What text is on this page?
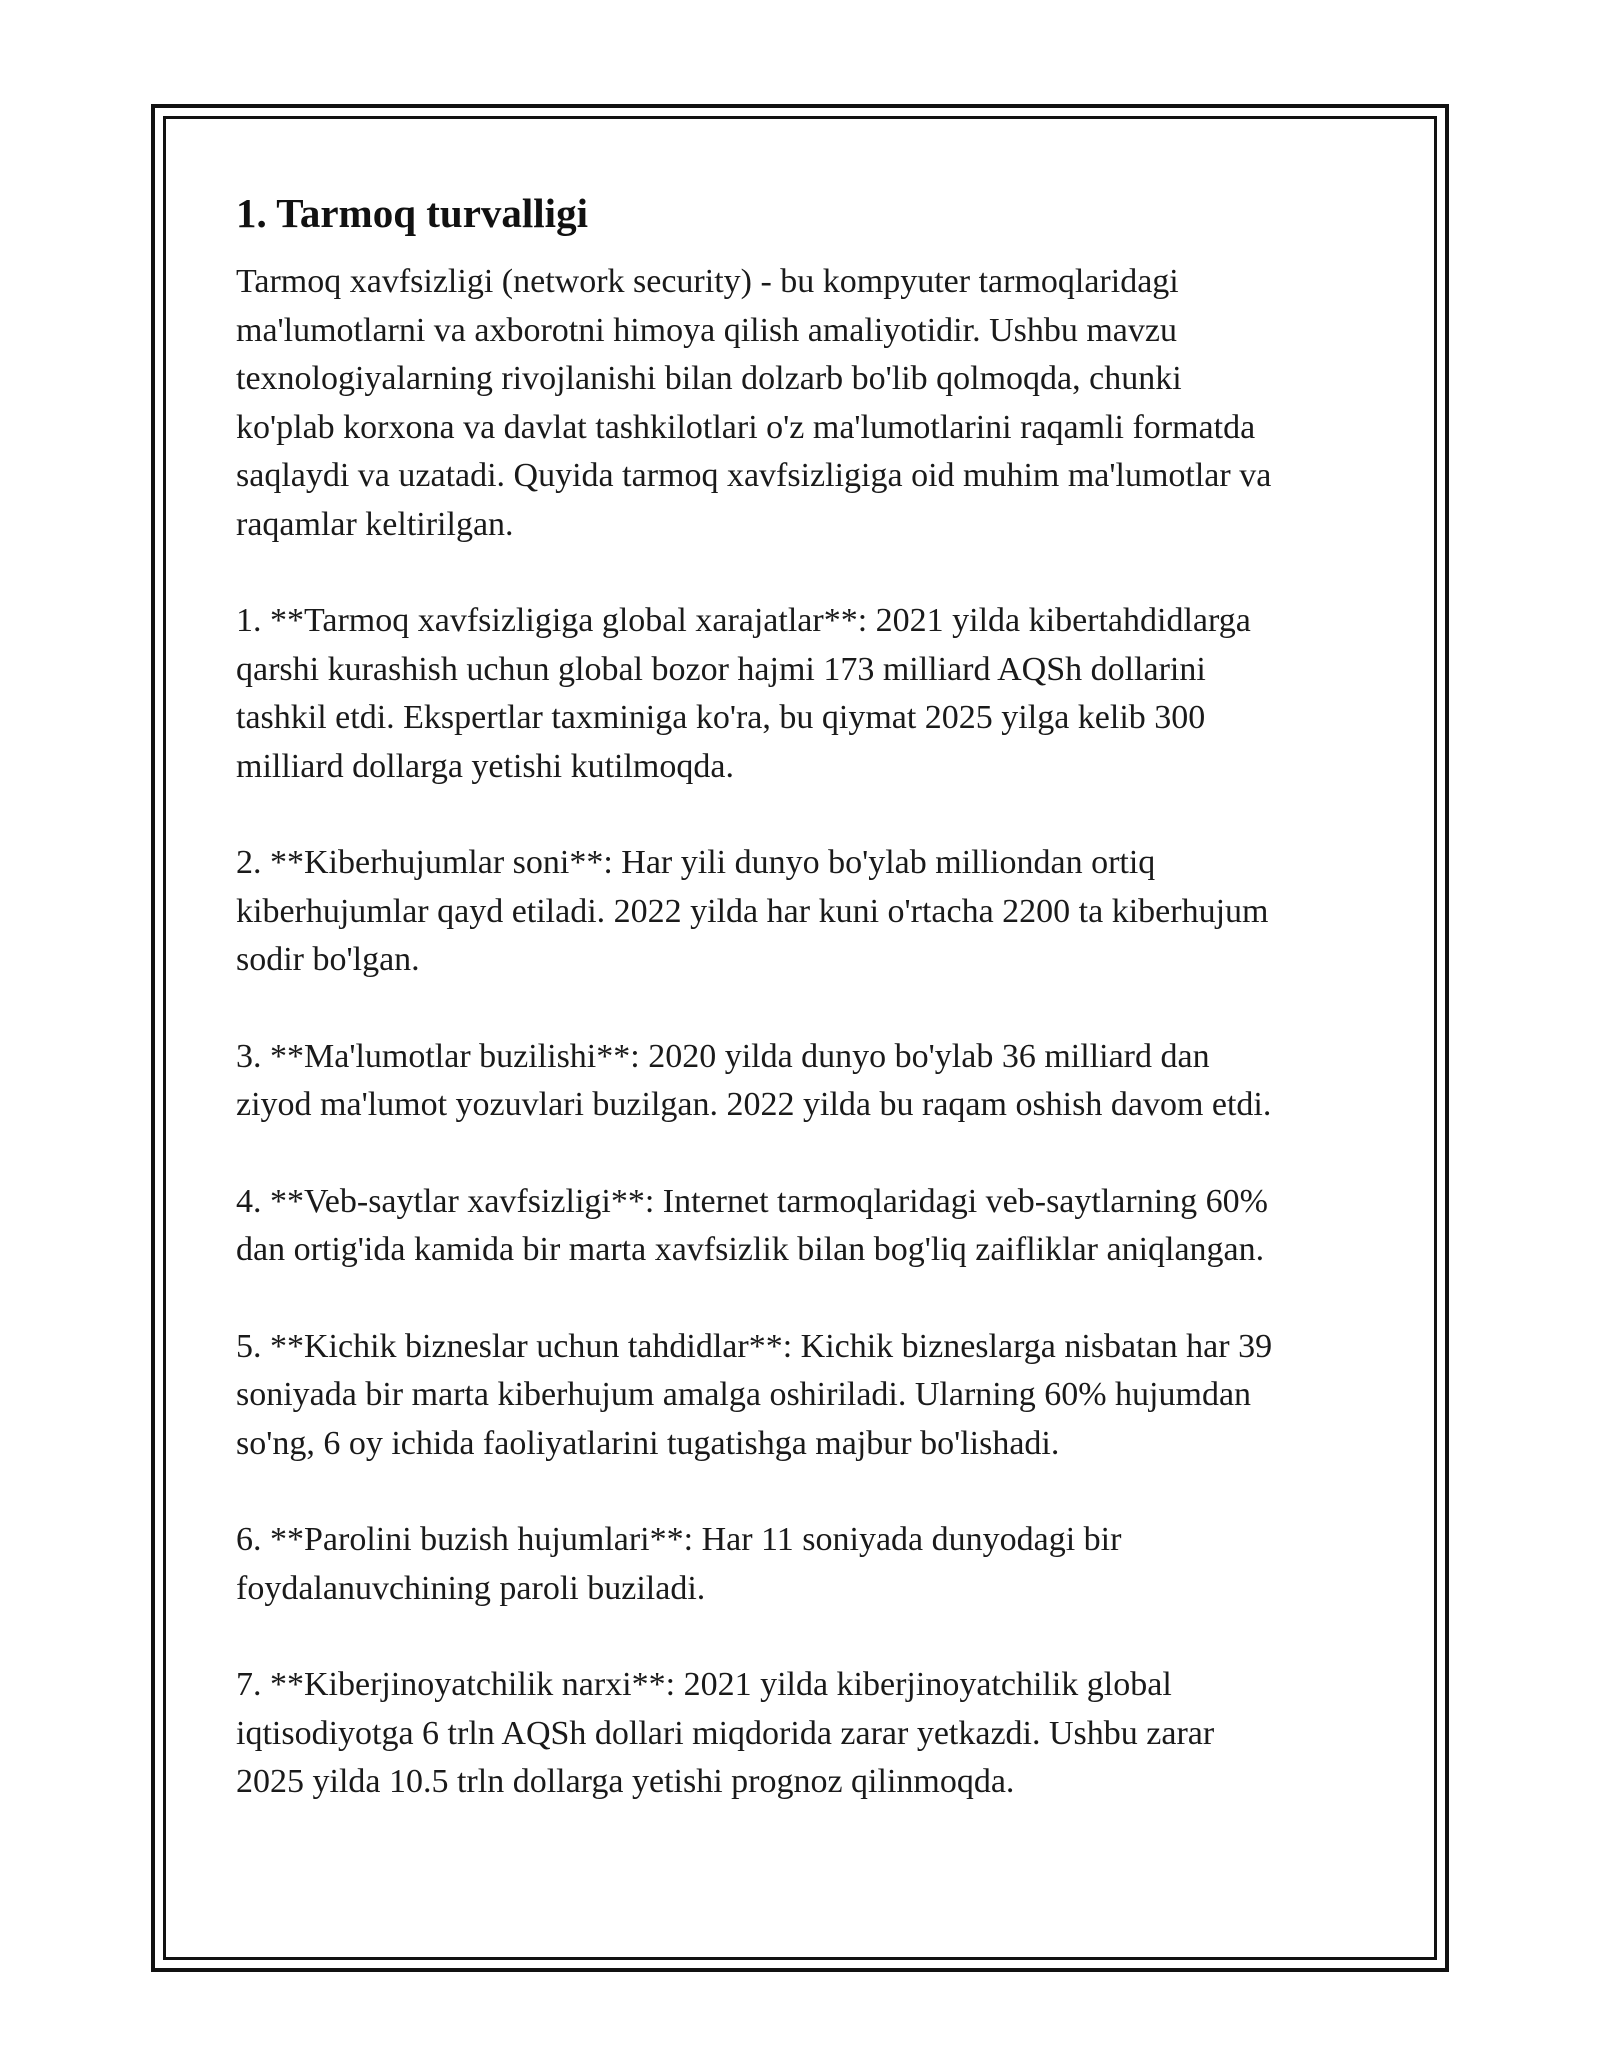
1. Tarmoq turvalligi

Tarmoq xavfsizligi (network security) - bu kompyuter tarmoqlaridagi
ma'lumotlarni va axborotni himoya qilish amaliyotidir. Ushbu mavzu
texnologiyalarning rivojlanishi bilan dolzarb bo'lib qolmoqda, chunki
ko'plab korxona va davlat tashkilotlari o'z ma'lumotlarini raqamli formatda
saqlaydi va uzatadi. Quyida tarmoq xavfsizligiga oid muhim ma'lumotlar va
raqamlar keltirilgan.

1. **Tarmoq xavfsizligiga global xarajatlar**: 2021 yilda kibertahdidlarga
qarshi kurashish uchun global bozor hajmi 173 milliard AQSh dollarini
tashkil etdi. Ekspertlar taxminiga ko'ra, bu qiymat 2025 yilga kelib 300
milliard dollarga yetishi kutilmoqda.

2. **Kiberhujumlar soni**: Har yili dunyo bo'ylab milliondan ortiq
kiberhujumlar qayd etiladi. 2022 yilda har kuni o'rtacha 2200 ta kiberhujum
sodir bo'lgan.

3. **Ma'lumotlar buzilishi**: 2020 yilda dunyo bo'ylab 36 milliard dan
ziyod ma'lumot yozuvlari buzilgan. 2022 yilda bu raqam oshish davom etdi.

4. **Veb-saytlar xavfsizligi**: Internet tarmoqlaridagi veb-saytlarning 60%
dan ortig'ida kamida bir marta xavfsizlik bilan bog'liq zaifliklar aniqlangan.

5. **Kichik bizneslar uchun tahdidlar**: Kichik bizneslarga nisbatan har 39
soniyada bir marta kiberhujum amalga oshiriladi. Ularning 60% hujumdan
so'ng, 6 oy ichida faoliyatlarini tugatishga majbur bo'lishadi.

6. **Parolini buzish hujumlari**: Har 11 soniyada dunyodagi bir
foydalanuvchining paroli buziladi.

7. **Kiberjinoyatchilik narxi**: 2021 yilda kiberjinoyatchilik global
iqtisodiyotga 6 trln AQSh dollari miqdorida zarar yetkazdi. Ushbu zarar
2025 yilda 10.5 trln dollarga yetishi prognoz qilinmoqda.
